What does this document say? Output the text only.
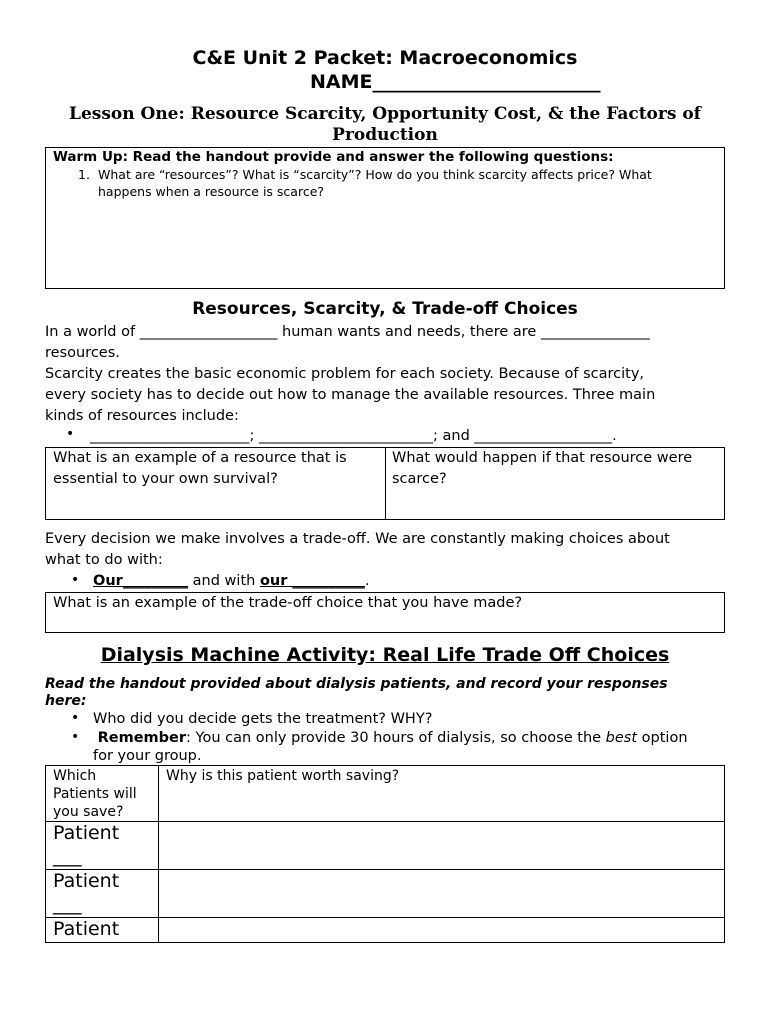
C&E Unit 2 Packet: Macroeconomics
NAME________________________
Lesson One: Resource Scarcity, Opportunity Cost, & the Factors of
Production
Warm Up: Read the handout provide and answer the following questions:
1. What are “resources”? What is “scarcity”? How do you think scarcity affects price? What
happens when a resource is scarce?
Resources, Scarcity, & Trade-off Choices
In a world of ___________________ human wants and needs, there are _______________
resources.
Scarcity creates the basic economic problem for each society. Because of scarcity,
every society has to decide out how to manage the available resources. Three main
kinds of resources include:
• ______________________; ________________________; and ___________________.
What is an example of a resource that is essential to your own survival?
What would happen if that resource were scarce?
Every decision we make involves a trade-off. We are constantly making choices about
what to do with:
• Our_________ and with our __________.
What is an example of the trade-off choice that you have made?
Dialysis Machine Activity: Real Life Trade Off Choices
Read the handout provided about dialysis patients, and record your responses
here:
• Who did you decide gets the treatment? WHY?
•	Remember: You can only provide 30 hours of dialysis, so choose the best option
for your group.
Which Patients will you save?
Why is this patient worth saving?
Patient
___
Patient
___
Patient
